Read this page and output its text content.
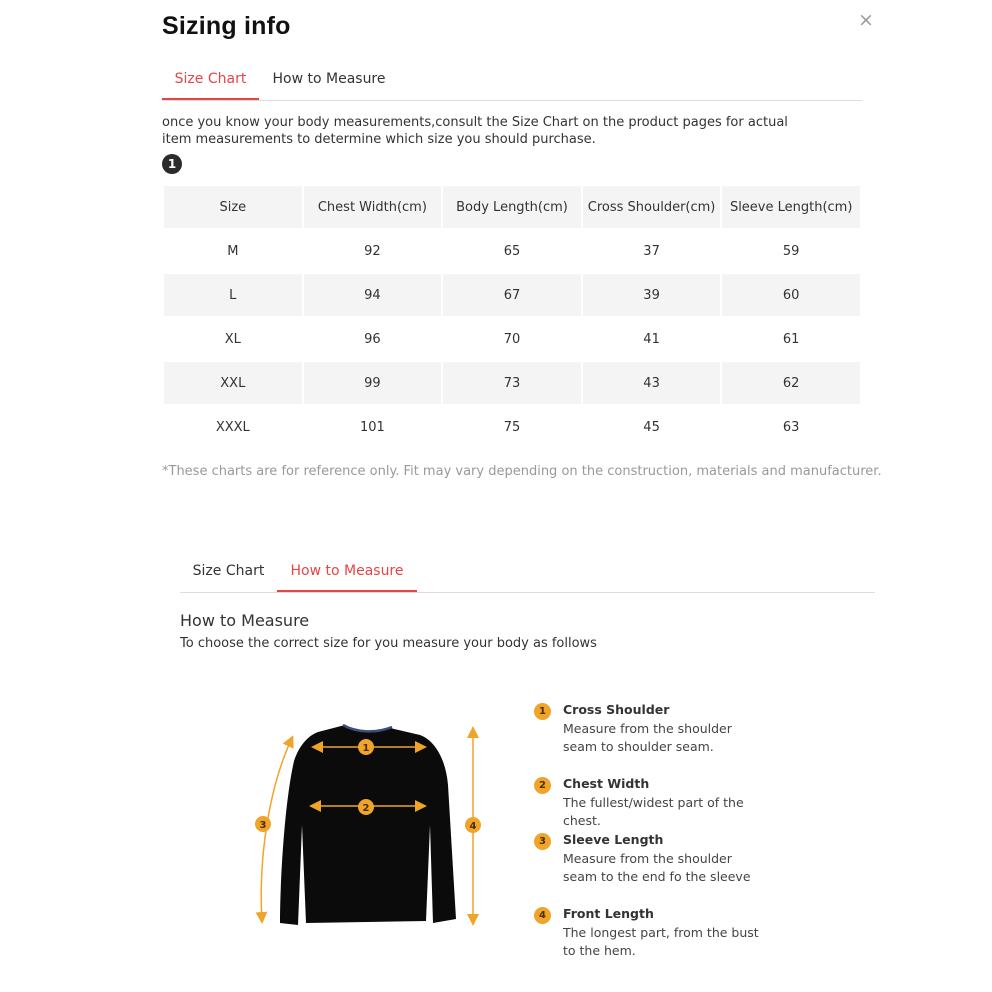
Sizing info	×
Size Chart	How to Measure
once you know your body measurements,consult the Size Chart on the product pages for actual item measurements to determine which size you should purchase.
1
Size	Chest Width(cm)	Body Length(cm)	Cross Shoulder(cm)	Sleeve Length(cm)
M	92	65	37	59
L	94	67	39	60
XL	96	70	41	61
XXL	99	73	43	62
XXXL	101	75	45	63
*These charts are for reference only. Fit may vary depending on the construction, materials and manufacturer.
Size Chart	How to Measure
How to Measure
To choose the correct size for you measure your body as follows
1
2
3	4
1	Cross Shoulder
Measure from the shoulder seam to shoulder seam.
2	Chest Width
The fullest/widest part of the chest.
3	Sleeve Length
Measure from the shoulder seam to the end fo the sleeve
4	Front Length
The longest part, from the bust to the hem.
